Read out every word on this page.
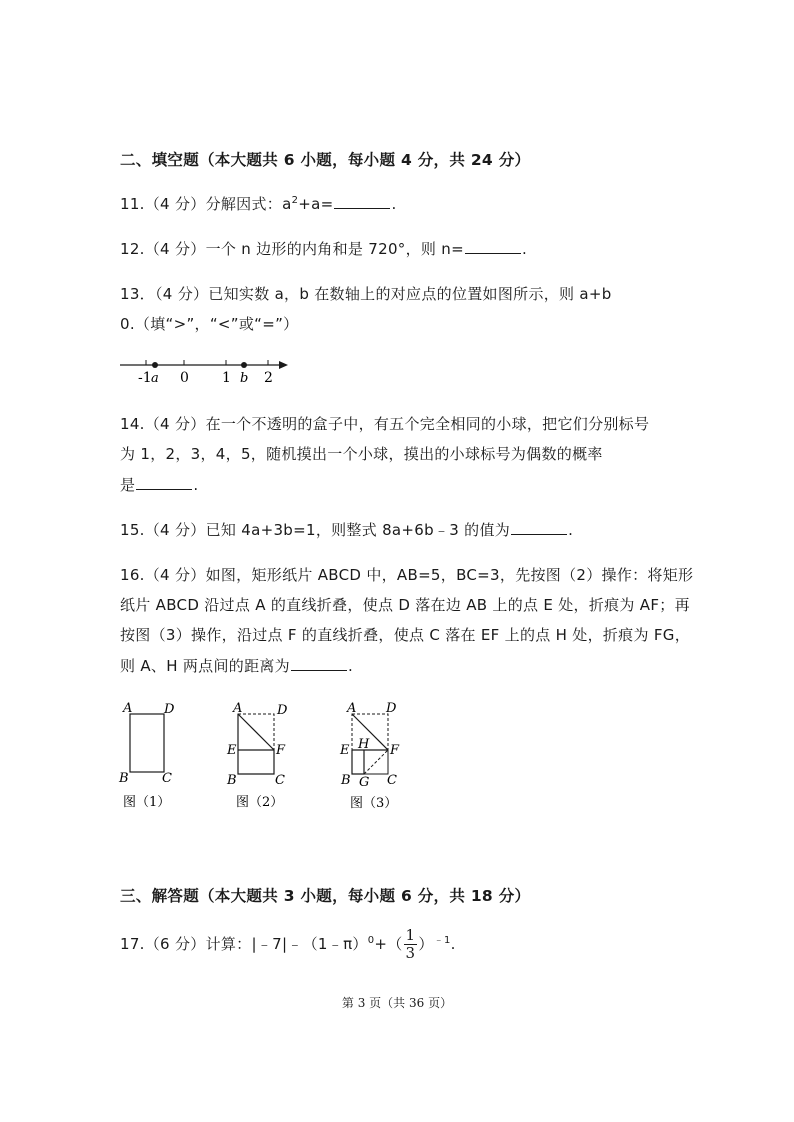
二、填空题（本大题共 6 小题，每小题 4 分，共 24 分）
11.（4 分）分解因式：$a^2+a=$	.
12.（4 分）一个 n 边形的内角和是 720°，则 n=	.
13．（4 分）已知实数 a，b 在数轴上的对应点的位置如图所示，则 a+b
0.（填“>”，“<”或“=”）
-1 0 1 2
a	b
14.（4 分）在一个不透明的盒子中，有五个完全相同的小球，把它们分别标号
为 1，2，3，4，5，随机摸出一个小球，摸出的小球标号为偶数的概率
是	.
15.（4 分）已知 4a+3b=1，则整式 8a+6b﹣3 的值为	.
16.（4 分）如图，矩形纸片 ABCD 中，AB=5，BC=3，先按图（2）操作：将矩形
纸片 ABCD 沿过点 A 的直线折叠，使点 D 落在边 AB 上的点 E 处，折痕为 AF；再
按图（3）操作，沿过点 F 的直线折叠，使点 C 落在 EF 上的点 H 处，折痕为 FG，
则 A、H 两点间的距离为	.
A D
B	C
图（1）
A	D
E	F
B	C
图（2）
A D
E H F
B G C
图（3）
三、解答题（本大题共 3 小题，每小题 6 分，共 18 分）
17.（6 分）计算：|﹣7|﹣（1﹣π）$^0$+（ $\frac{1}{3} )^{﹣1}$.
第 3 页（共 36 页）
